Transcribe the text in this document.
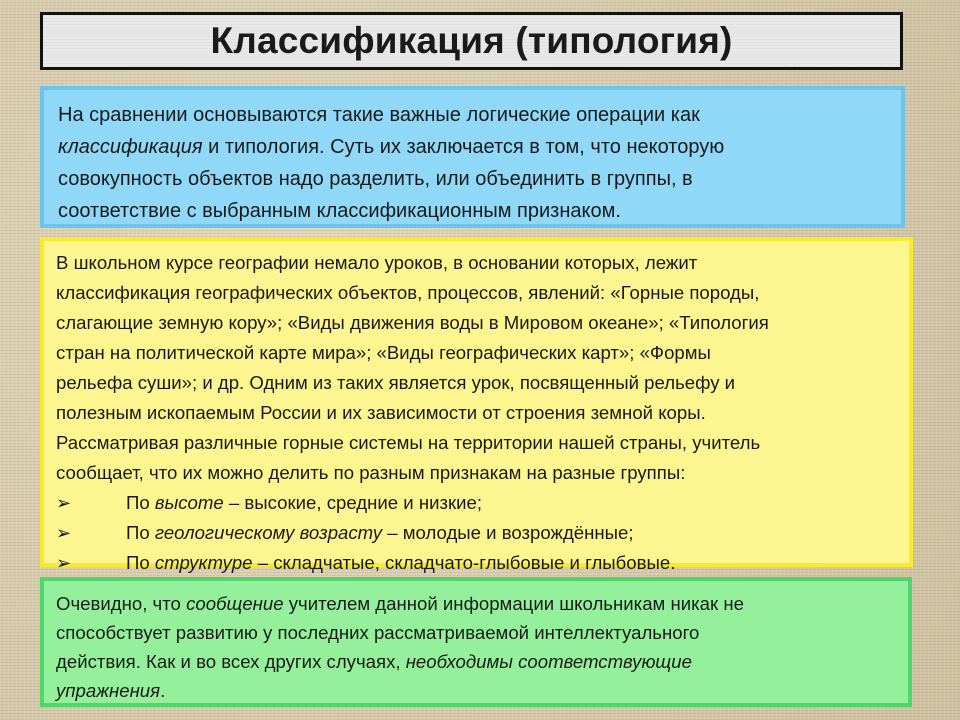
Классификация (типология)

На сравнении основываются такие важные логические операции как

классификация и типология. Суть их заключается в том, что некоторую

совокупность объектов надо разделить, или объединить в группы, в

соответствие с выбранным классификационным признаком.

В школьном курсе географии немало уроков, в основании которых, лежит

классификация географических объектов, процессов, явлений: «Горные породы,

слагающие земную кору»; «Виды движения воды в Мировом океане»; «Типология

стран на политической карте мира»; «Виды географических карт»; «Формы

рельефа суши»; и др. Одним из таких является урок, посвященный рельефу и

полезным ископаемым России и их зависимости от строения земной коры.

Рассматривая различные горные системы на территории нашей страны, учитель

сообщает, что их можно делить по разным признакам на разные группы:

➢	По высоте – высокие, средние и низкие;
➢	По геологическому возрасту – молодые и возрождённые;
➢	По структуре – складчатые, складчато-глыбовые и глыбовые.

Очевидно, что сообщение учителем данной информации школьникам никак не

способствует развитию у последних рассматриваемой интеллектуального

действия. Как и во всех других случаях, необходимы соответствующие

упражнения.
